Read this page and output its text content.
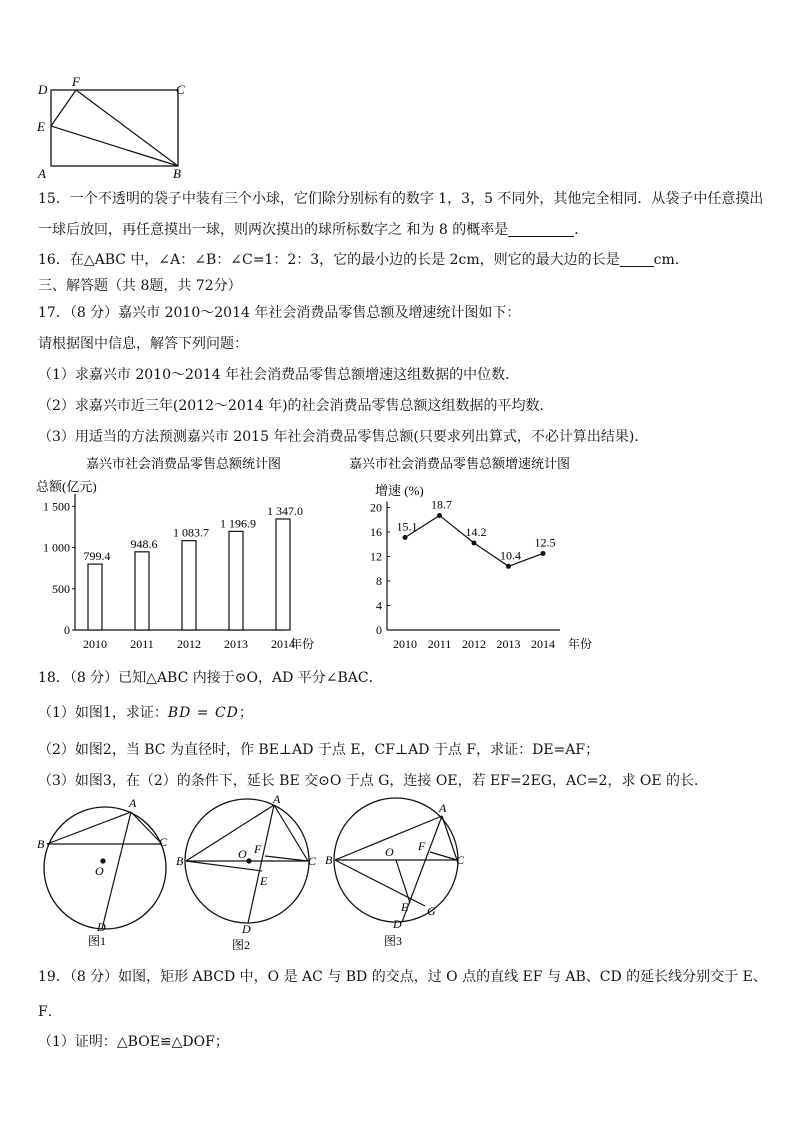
D
F
C
E
A	B
15．一个不透明的袋子中装有三个小球，它们除分别标有的数字 1，3，5 不同外，其他完全相同．从袋子中任意摸出
一球后放回，再任意摸出一球，则两次摸出的球所标数字之 和为 8 的概率是	．
16．在△ABC 中，∠A：∠B：∠C=1：2：3，它的最小边的长是 2cm，则它的最大边的长是 cm．
三、解答题（共 8题，共 72分）
17．（8 分）嘉兴市 2010～2014 年社会消费品零售总额及增速统计图如下：
请根据图中信息，解答下列问题：
（1）求嘉兴市 2010～2014 年社会消费品零售总额增速这组数据的中位数．
（2）求嘉兴市近三年(2012～2014 年)的社会消费品零售总额这组数据的平均数．
（3）用适当的方法预测嘉兴市 2015 年社会消费品零售总额(只要求列出算式，不必计算出结果)．
嘉兴市社会消费品零售总额统计图
总额(亿元)
0
500
1 000
1 500
年份
799.4
2010
948.6
2011
1 083.7
2012
1 196.9
2013
1 347.0
2014
嘉兴市社会消费品零售总额增速统计图
增速 (%)
0
4
8
12
16
20
年份
15.1
2010
18.7
2011
14.2
2012
10.4
2013
12.5
2014
18．（8 分）已知△ABC 内接于⊙O，AD 平分∠BAC．
（1）如图1，求证：BD = CD；
（2）如图2，当 BC 为直径时，作 BE⊥AD 于点 E，CF⊥AD 于点 F，求证：DE=AF；
（3）如图3，在（2）的条件下，延长 BE 交⊙O 于点 G，连接 OE，若 EF=2EG，AC=2，求 OE 的长．
A
B	C
O
D
图1
A
B	C
O F
E
D
图2
A
B	C
O F
E G
D
图3
19．（8 分）如图，矩形 ABCD 中，O 是 AC 与 BD 的交点，过 O 点的直线 EF 与 AB、CD 的延长线分别交于 E、
F．
（1）证明：△BOE≌△DOF；
